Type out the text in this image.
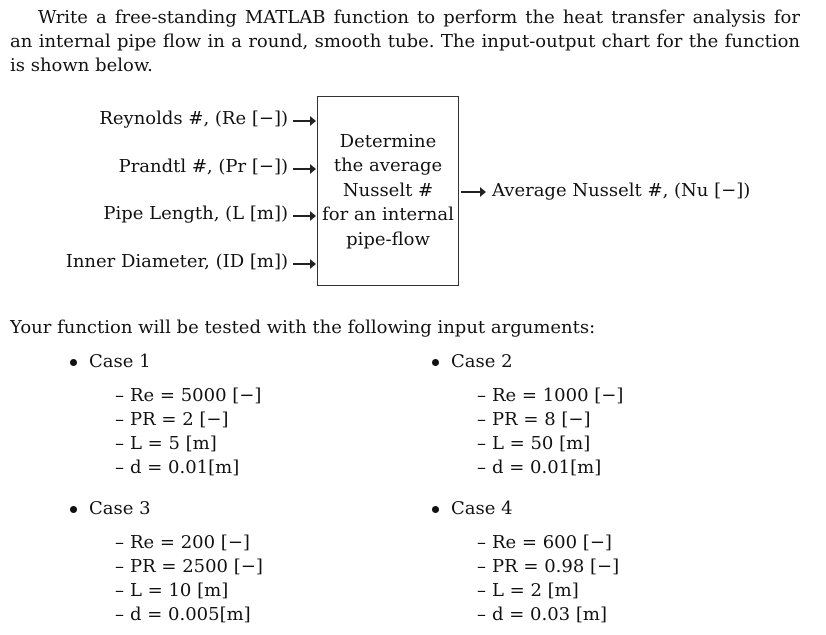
Write a free-standing MATLAB function to perform the heat transfer analysis for an internal pipe flow in a round, smooth tube. The input-output chart for the function is shown below.

Reynolds #, (Re [−])
Prandtl #, (Pr [−])
Pipe Length, (L [m])
Inner Diameter, (ID [m])
Determine
the average
Nusselt #
for an internal
pipe-flow
Average Nusselt #, (Nu [−])
Your function will be tested with the following input arguments:
Case 1
– Re = 5000 [−]
– PR = 2 [−]
– L = 5 [m]
– d = 0.01[m]
Case 2
– Re = 1000 [−]
– PR = 8 [−]
– L = 50 [m]
– d = 0.01[m]
Case 3
– Re = 200 [−]
– PR = 2500 [−]
– L = 10 [m]
– d = 0.005[m]
Case 4
– Re = 600 [−]
– PR = 0.98 [−]
– L = 2 [m]
– d = 0.03 [m]
